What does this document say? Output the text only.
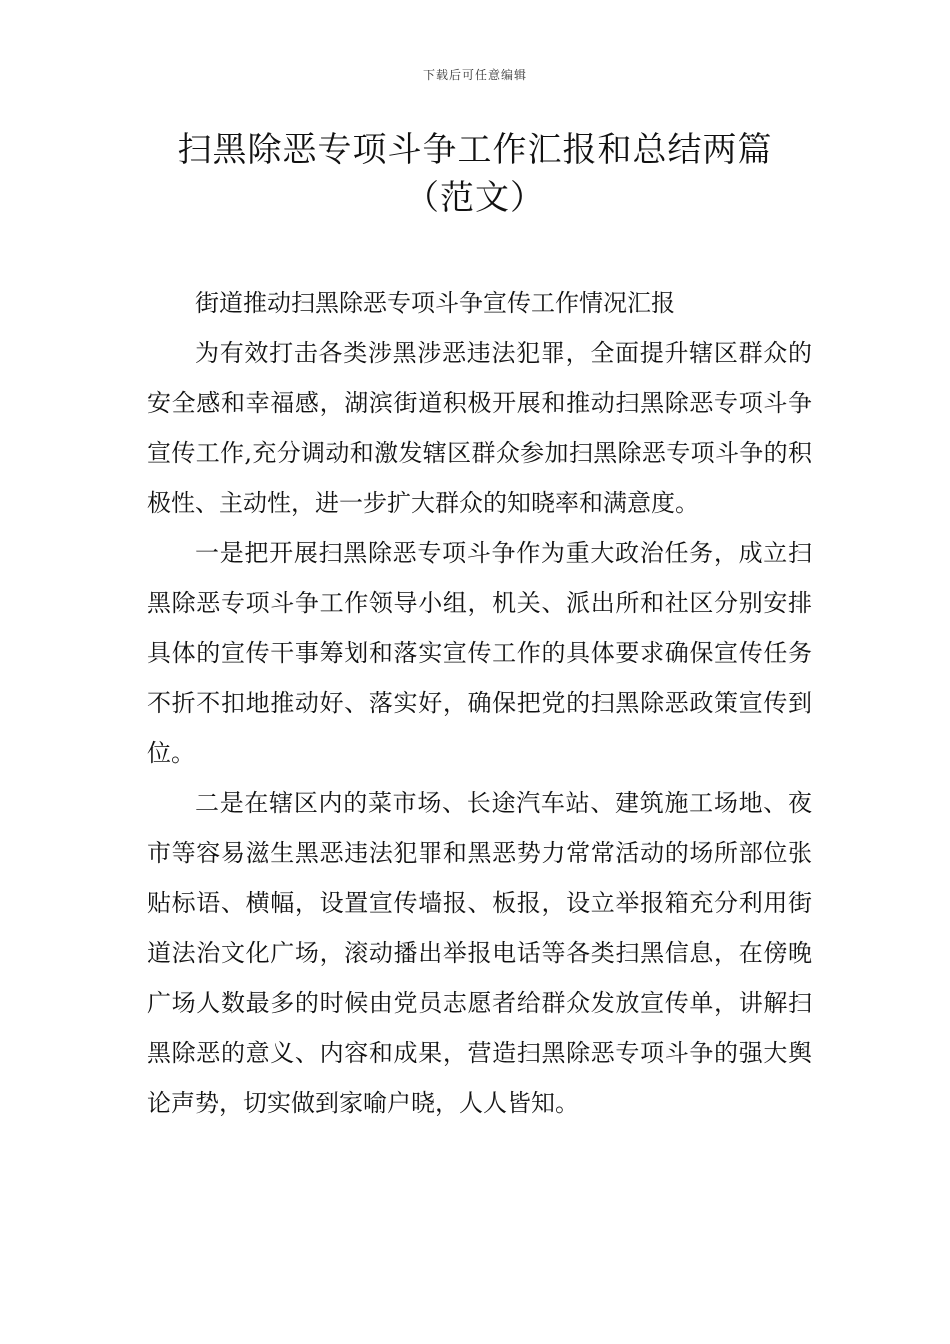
下载后可任意编辑
扫黑除恶专项斗争工作汇报和总结两篇
（范文）

街道推动扫黑除恶专项斗争宣传工作情况汇报

为有效打击各类涉黑涉恶违法犯罪，全面提升辖区群众的安全感和幸福感，湖滨街道积极开展和推动扫黑除恶专项斗争宣传工作,充分调动和激发辖区群众参加扫黑除恶专项斗争的积极性、主动性，进一步扩大群众的知晓率和满意度。

一是把开展扫黑除恶专项斗争作为重大政治任务，成立扫黑除恶专项斗争工作领导小组，机关、派出所和社区分别安排具体的宣传干事筹划和落实宣传工作的具体要求确保宣传任务不折不扣地推动好、落实好，确保把党的扫黑除恶政策宣传到位。

二是在辖区内的菜市场、长途汽车站、建筑施工场地、夜市等容易滋生黑恶违法犯罪和黑恶势力常常活动的场所部位张贴标语、横幅，设置宣传墙报、板报，设立举报箱充分利用街道法治文化广场，滚动播出举报电话等各类扫黑信息，在傍晚广场人数最多的时候由党员志愿者给群众发放宣传单，讲解扫黑除恶的意义、内容和成果，营造扫黑除恶专项斗争的强大舆论声势，切实做到家喻户晓，人人皆知。
